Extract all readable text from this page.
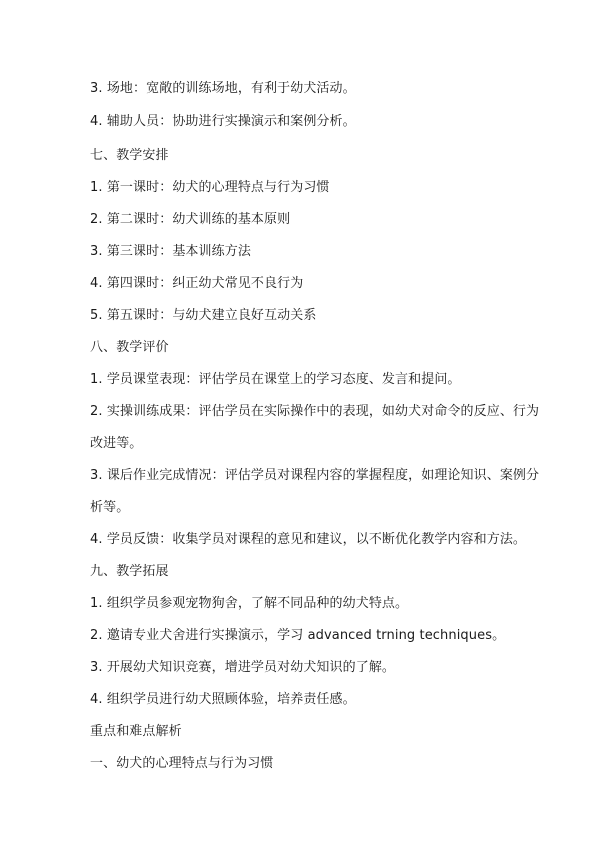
3. 场地：宽敞的训练场地，有利于幼犬活动。
4. 辅助人员：协助进行实操演示和案例分析。
七、教学安排
1. 第一课时：幼犬的心理特点与行为习惯
2. 第二课时：幼犬训练的基本原则
3. 第三课时：基本训练方法
4. 第四课时：纠正幼犬常见不良行为
5. 第五课时：与幼犬建立良好互动关系
八、教学评价
1. 学员课堂表现：评估学员在课堂上的学习态度、发言和提问。
2. 实操训练成果：评估学员在实际操作中的表现，如幼犬对命令的反应、行为
改进等。
3. 课后作业完成情况：评估学员对课程内容的掌握程度，如理论知识、案例分
析等。
4. 学员反馈：收集学员对课程的意见和建议，以不断优化教学内容和方法。
九、教学拓展
1. 组织学员参观宠物狗舍，了解不同品种的幼犬特点。
2. 邀请专业犬舍进行实操演示，学习 advanced trning techniques。
3. 开展幼犬知识竞赛，增进学员对幼犬知识的了解。
4. 组织学员进行幼犬照顾体验，培养责任感。
重点和难点解析
一、幼犬的心理特点与行为习惯
